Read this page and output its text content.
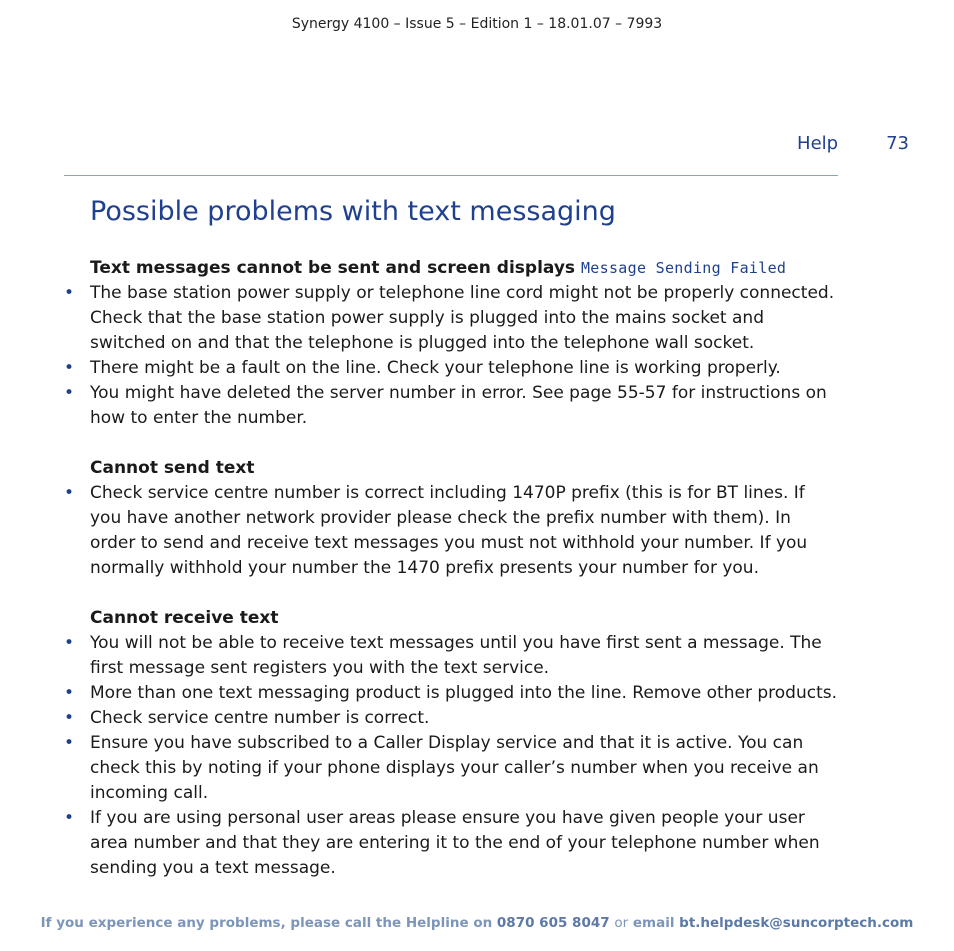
Synergy 4100 – Issue 5 – Edition 1 – 18.01.07 – 7993
Help	73
Possible problems with text messaging

Text messages cannot be sent and screen displays Message Sending Failed

• The base station power supply or telephone line cord might not be properly connected. Check that the base station power supply is plugged into the mains socket and switched on and that the telephone is plugged into the telephone wall socket.
• There might be a fault on the line. Check your telephone line is working properly.
• You might have deleted the server number in error. See page 55-57 for instructions on how to enter the number.

Cannot send text

• Check service centre number is correct including 1470P prefix (this is for BT lines. If you have another network provider please check the prefix number with them). In order to send and receive text messages you must not withhold your number. If you normally withhold your number the 1470 prefix presents your number for you.

Cannot receive text

• You will not be able to receive text messages until you have first sent a message. The first message sent registers you with the text service.
• More than one text messaging product is plugged into the line. Remove other products.
• Check service centre number is correct.
• Ensure you have subscribed to a Caller Display service and that it is active. You can check this by noting if your phone displays your caller’s number when you receive an incoming call.
• If you are using personal user areas please ensure you have given people your user area number and that they are entering it to the end of your telephone number when sending you a text message.
If you experience any problems, please call the Helpline on 0870 605 8047 or email bt.helpdesk@suncorptech.com
